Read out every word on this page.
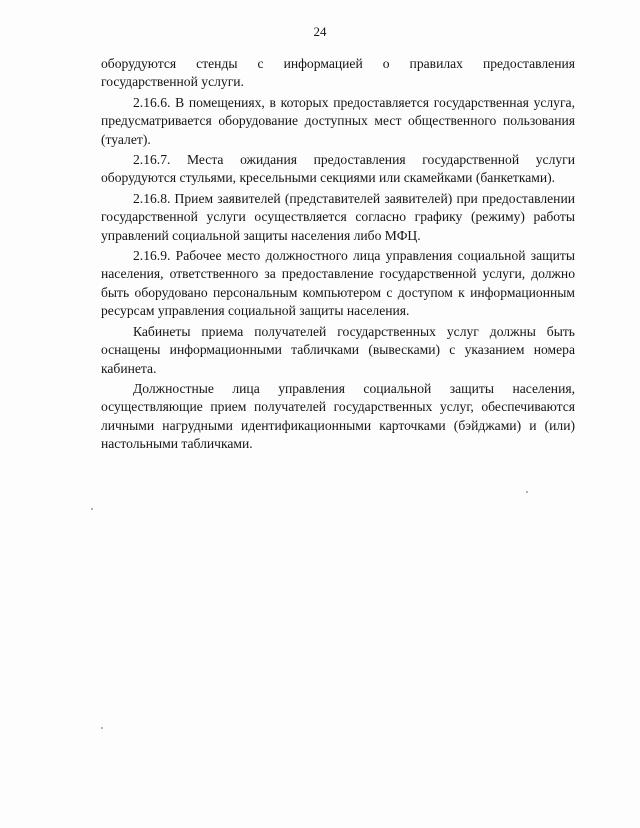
24

оборудуются стенды с информацией о правилах предоставления государственной услуги.

2.16.6. В помещениях, в которых предоставляется государственная услуга, предусматривается оборудование доступных мест общественного пользования (туалет).

2.16.7. Места ожидания предоставления государственной услуги оборудуются стульями, кресельными секциями или скамейками (банкетками).

2.16.8. Прием заявителей (представителей заявителей) при предоставлении государственной услуги осуществляется согласно графику (режиму) работы управлений социальной защиты населения либо МФЦ.

2.16.9. Рабочее место должностного лица управления социальной защиты населения, ответственного за предоставление государственной услуги, должно быть оборудовано персональным компьютером с доступом к информационным ресурсам управления социальной защиты населения.

Кабинеты приема получателей государственных услуг должны быть оснащены информационными табличками (вывесками) с указанием номера кабинета.

Должностные лица управления социальной защиты населения, осуществляющие прием получателей государственных услуг, обеспечиваются личными нагрудными идентификационными карточками (бэйджами) и (или) настольными табличками.
